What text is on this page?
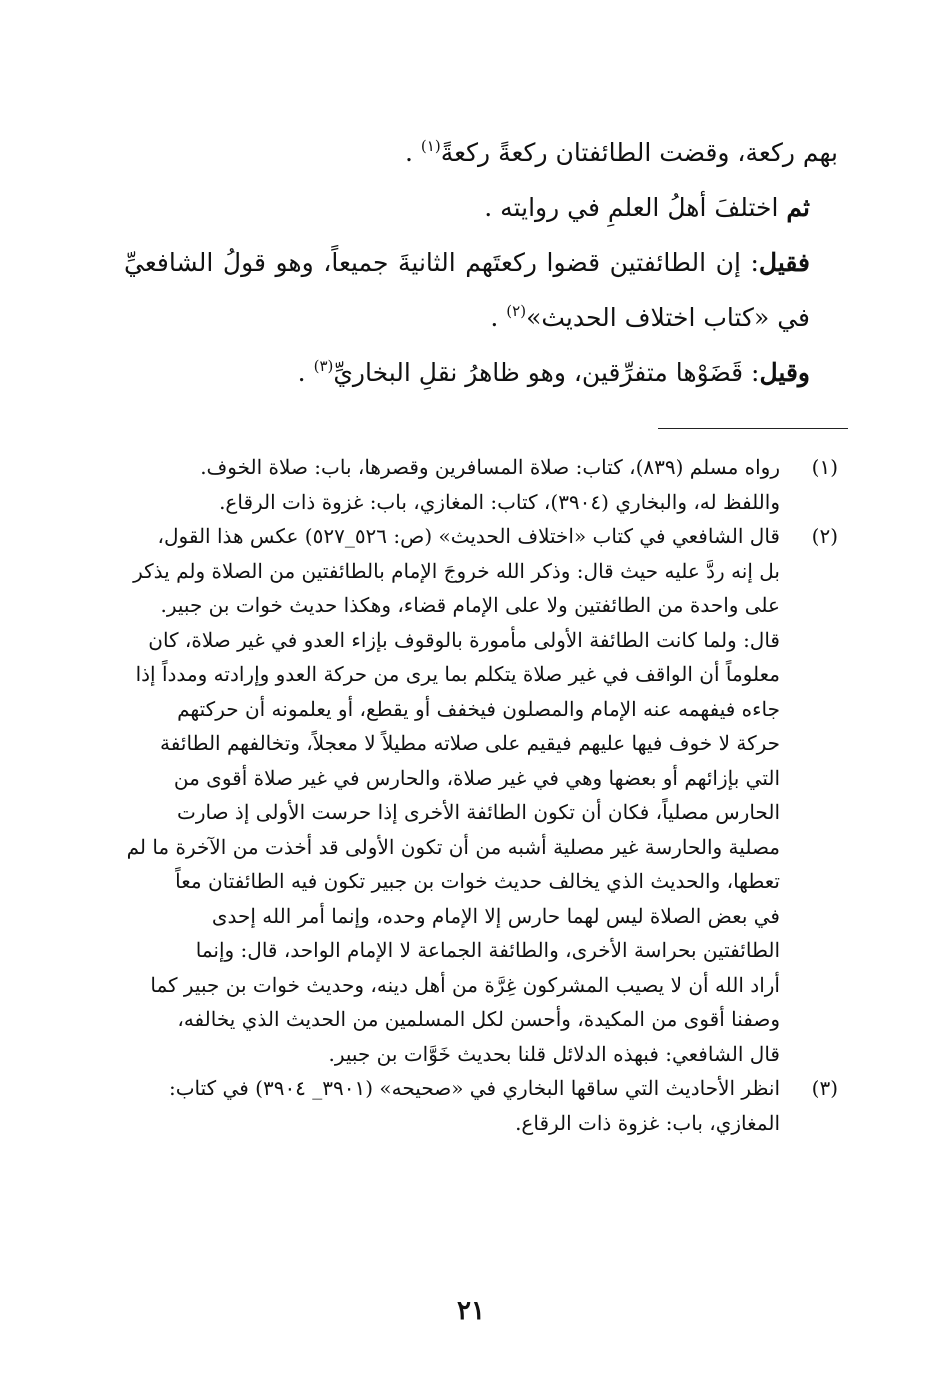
بهم ركعة، وقضت الطائفتان ركعةً ركعةً$^{(١)}$ .

ثم اختلفَ أهلُ العلمِ في روايته .

فقيل: إن الطائفتين قضوا ركعتَهم الثانيةَ جميعاً، وهو قولُ الشافعيِّ في «كتاب اختلاف الحديث»$^{(٢)}$ .

وقيل: قَضَوْها متفرِّقين، وهو ظاهرُ نقلِ البخاريِّ$^{(٣)}$ .

(١)

رواه مسلم (٨٣٩)، كتاب: صلاة المسافرين وقصرها، باب: صلاة الخوف.

واللفظ له، والبخاري (٣٩٠٤)، كتاب: المغازي، باب: غزوة ذات الرقاع.

(٢)

قال الشافعي في كتاب «اختلاف الحديث» (ص: ٥٢٦_٥٢٧) عكس هذا القول،

بل إنه ردَّ عليه حيث قال: وذكر الله خروجَ الإمام بالطائفتين من الصلاة ولم يذكر

على واحدة من الطائفتين ولا على الإمام قضاء، وهكذا حديث خوات بن جبير.

قال: ولما كانت الطائفة الأولى مأمورة بالوقوف بإزاء العدو في غير صلاة، كان

معلوماً أن الواقف في غير صلاة يتكلم بما يرى من حركة العدو وإرادته ومدداً إذا

جاءه فيفهمه عنه الإمام والمصلون فيخفف أو يقطع، أو يعلمونه أن حركتهم

حركة لا خوف فيها عليهم فيقيم على صلاته مطيلاً لا معجلاً، وتخالفهم الطائفة

التي بإزائهم أو بعضها وهي في غير صلاة، والحارس في غير صلاة أقوى من

الحارس مصلياً، فكان أن تكون الطائفة الأخرى إذا حرست الأولى إذ صارت

مصلية والحارسة غير مصلية أشبه من أن تكون الأولى قد أخذت من الآخرة ما لم

تعطها، والحديث الذي يخالف حديث خوات بن جبير تكون فيه الطائفتان معاً

في بعض الصلاة ليس لهما حارس إلا الإمام وحده، وإنما أمر الله إحدى

الطائفتين بحراسة الأخرى، والطائفة الجماعة لا الإمام الواحد، قال: وإنما

أراد الله أن لا يصيب المشركون غِرَّة من أهل دينه، وحديث خوات بن جبير كما

وصفنا أقوى من المكيدة، وأحسن لكل المسلمين من الحديث الذي يخالفه،

قال الشافعي: فبهذه الدلائل قلنا بحديث خَوَّات بن جبير.

(٣)

انظر الأحاديث التي ساقها البخاري في «صحيحه» (٣٩٠١_ ٣٩٠٤) في كتاب:

المغازي، باب: غزوة ذات الرقاع.

٢١
